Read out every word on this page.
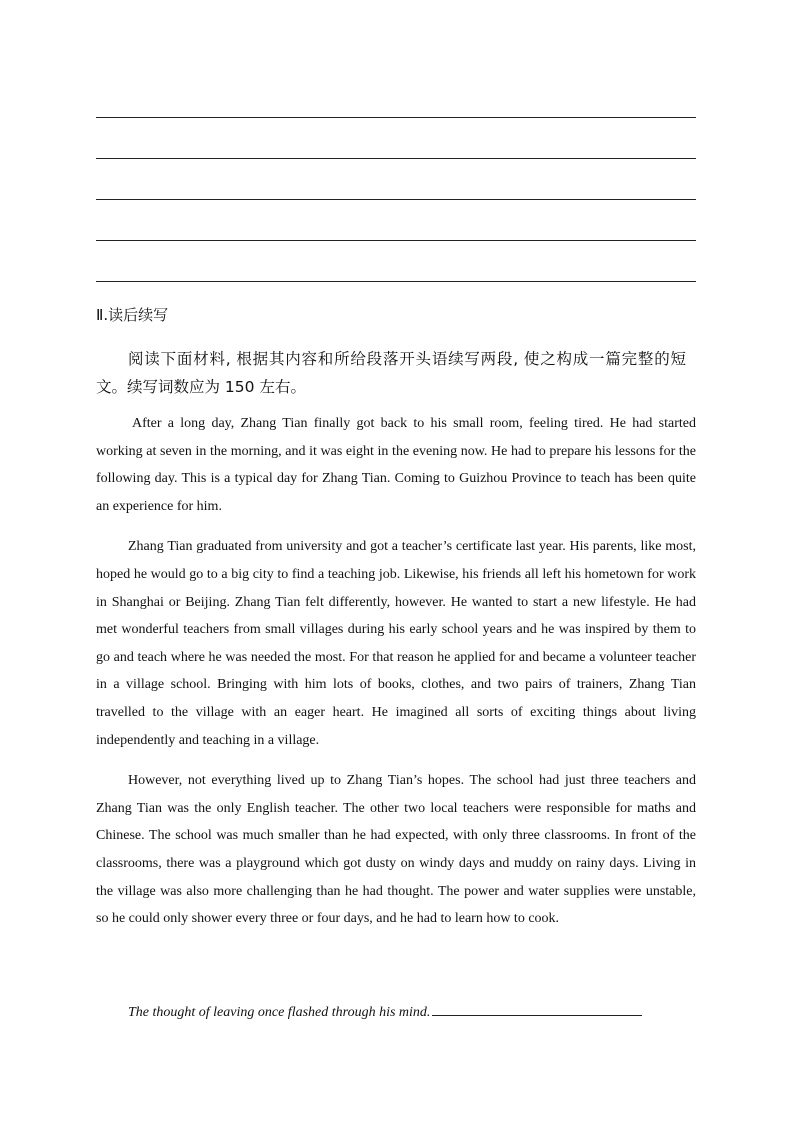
Ⅱ.读后续写

阅读下面材料, 根据其内容和所给段落开头语续写两段, 使之构成一篇完整的短文。续写词数应为 150 左右。

After a long day, Zhang Tian finally got back to his small room, feeling tired. He had started working at seven in the morning, and it was eight in the evening now. He had to prepare his lessons for the following day. This is a typical day for Zhang Tian. Coming to Guizhou Province to teach has been quite an experience for him.

Zhang Tian graduated from university and got a teacher’s certificate last year. His parents, like most, hoped he would go to a big city to find a teaching job. Likewise, his friends all left his hometown for work in Shanghai or Beijing. Zhang Tian felt differently, however. He wanted to start a new lifestyle. He had met wonderful teachers from small villages during his early school years and he was inspired by them to go and teach where he was needed the most. For that reason he applied for and became a volunteer teacher in a village school. Bringing with him lots of books, clothes, and two pairs of trainers, Zhang Tian travelled to the village with an eager heart. He imagined all sorts of exciting things about living independently and teaching in a village.

However, not everything lived up to Zhang Tian’s hopes. The school had just three teachers and Zhang Tian was the only English teacher. The other two local teachers were responsible for maths and Chinese. The school was much smaller than he had expected, with only three classrooms. In front of the classrooms, there was a playground which got dusty on windy days and muddy on rainy days. Living in the village was also more challenging than he had thought. The power and water supplies were unstable, so he could only shower every three or four days, and he had to learn how to cook.

The thought of leaving once flashed through his mind.
